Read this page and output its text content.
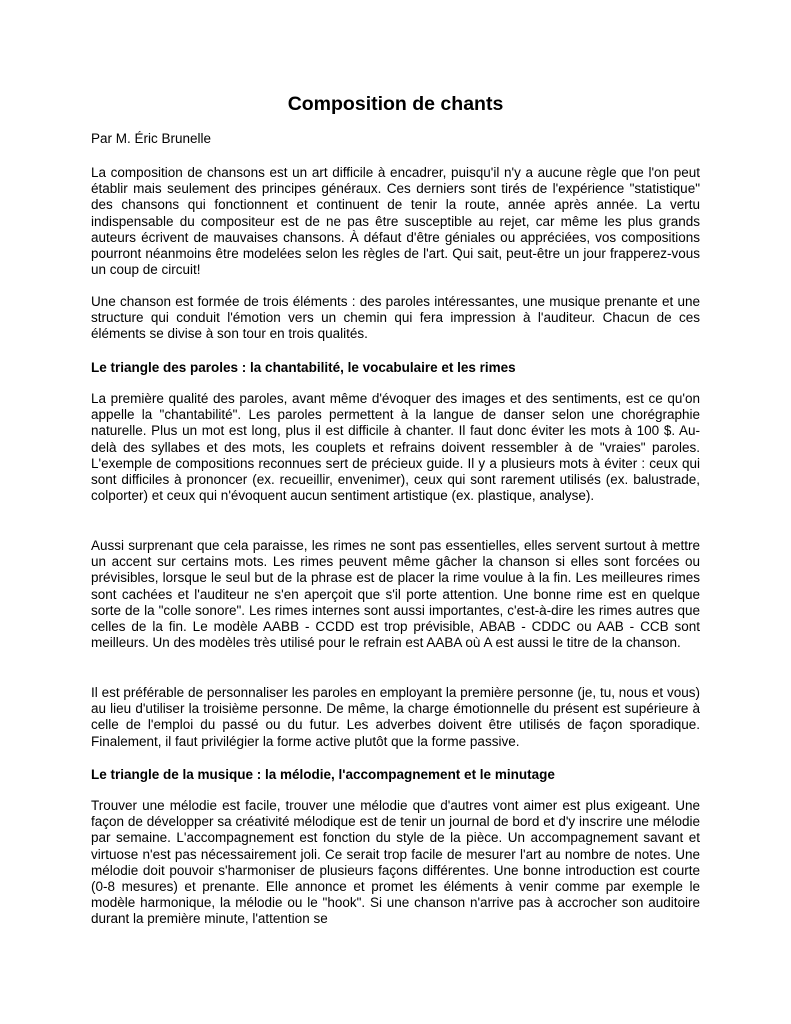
Composition de chants

Par M. Éric Brunelle

La composition de chansons est un art difficile à encadrer, puisqu'il n'y a aucune règle que l'on peut établir mais seulement des principes généraux. Ces derniers sont tirés de l'expérience "statistique" des chansons qui fonctionnent et continuent de tenir la route, année après année. La vertu indispensable du compositeur est de ne pas être susceptible au rejet, car même les plus grands auteurs écrivent de mauvaises chansons. À défaut d'être géniales ou appréciées, vos compositions pourront néanmoins être modelées selon les règles de l'art. Qui sait, peut-être un jour frapperez-vous un coup de circuit!

Une chanson est formée de trois éléments : des paroles intéressantes, une musique prenante et une structure qui conduit l'émotion vers un chemin qui fera impression à l'auditeur. Chacun de ces éléments se divise à son tour en trois qualités.

Le triangle des paroles : la chantabilité, le vocabulaire et les rimes

La première qualité des paroles, avant même d'évoquer des images et des sentiments, est ce qu'on appelle la "chantabilité". Les paroles permettent à la langue de danser selon une chorégraphie naturelle. Plus un mot est long, plus il est difficile à chanter. Il faut donc éviter les mots à 100 $. Au-delà des syllabes et des mots, les couplets et refrains doivent ressembler à de "vraies" paroles. L'exemple de compositions reconnues sert de précieux guide. Il y a plusieurs mots à éviter : ceux qui sont difficiles à prononcer (ex. recueillir, envenimer), ceux qui sont rarement utilisés (ex. balustrade, colporter) et ceux qui n'évoquent aucun sentiment artistique (ex. plastique, analyse).

Aussi surprenant que cela paraisse, les rimes ne sont pas essentielles, elles servent surtout à mettre un accent sur certains mots. Les rimes peuvent même gâcher la chanson si elles sont forcées ou prévisibles, lorsque le seul but de la phrase est de placer la rime voulue à la fin. Les meilleures rimes sont cachées et l'auditeur ne s'en aperçoit que s'il porte attention. Une bonne rime est en quelque sorte de la "colle sonore". Les rimes internes sont aussi importantes, c'est-à-dire les rimes autres que celles de la fin. Le modèle AABB - CCDD est trop prévisible, ABAB - CDDC ou AAB - CCB sont meilleurs. Un des modèles très utilisé pour le refrain est AABA où A est aussi le titre de la chanson.

Il est préférable de personnaliser les paroles en employant la première personne (je, tu, nous et vous) au lieu d'utiliser la troisième personne. De même, la charge émotionnelle du présent est supérieure à celle de l'emploi du passé ou du futur. Les adverbes doivent être utilisés de façon sporadique. Finalement, il faut privilégier la forme active plutôt que la forme passive.

Le triangle de la musique : la mélodie, l'accompagnement et le minutage

Trouver une mélodie est facile, trouver une mélodie que d'autres vont aimer est plus exigeant. Une façon de développer sa créativité mélodique est de tenir un journal de bord et d'y inscrire une mélodie par semaine. L'accompagnement est fonction du style de la pièce. Un accompagnement savant et virtuose n'est pas nécessairement joli. Ce serait trop facile de mesurer l'art au nombre de notes. Une mélodie doit pouvoir s'harmoniser de plusieurs façons différentes. Une bonne introduction est courte (0-8 mesures) et prenante. Elle annonce et promet les éléments à venir comme par exemple le modèle harmonique, la mélodie ou le "hook". Si une chanson n'arrive pas à accrocher son auditoire durant la première minute, l'attention se
